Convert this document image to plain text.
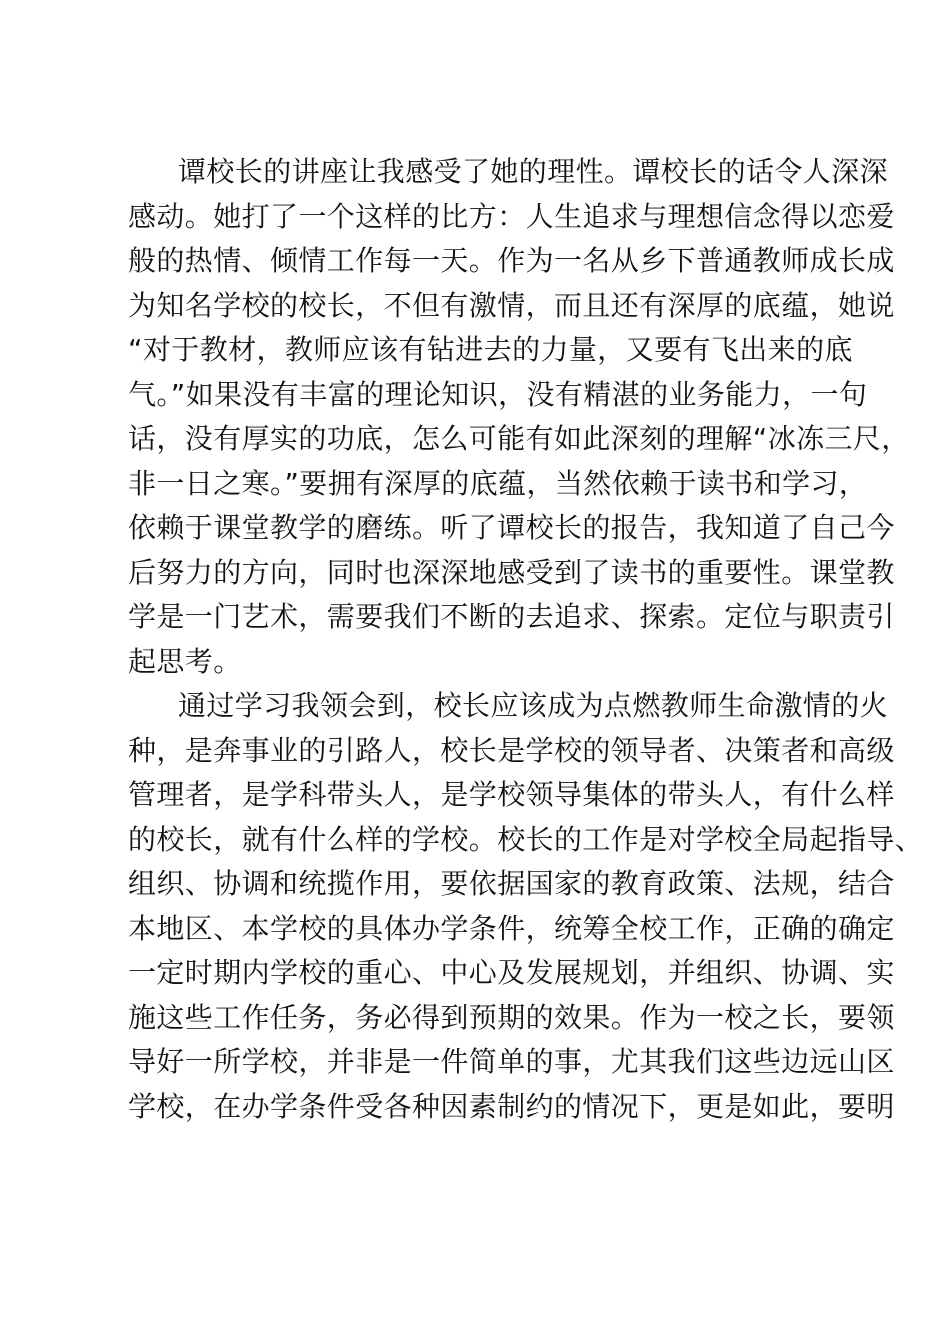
谭校长的讲座让我感受了她的理性。谭校长的话令人深深
感动。她打了一个这样的比方：人生追求与理想信念得以恋爱
般的热情、倾情工作每一天。作为一名从乡下普通教师成长成
为知名学校的校长，不但有激情，而且还有深厚的底蕴，她说
“对于教材，教师应该有钻进去的力量，又要有飞出来的底
气。”如果没有丰富的理论知识，没有精湛的业务能力，一句
话，没有厚实的功底，怎么可能有如此深刻的理解“冰冻三尺，
非一日之寒。”要拥有深厚的底蕴，当然依赖于读书和学习，
依赖于课堂教学的磨练。听了谭校长的报告，我知道了自己今
后努力的方向，同时也深深地感受到了读书的重要性。课堂教
学是一门艺术，需要我们不断的去追求、探索。定位与职责引
起思考。
通过学习我领会到，校长应该成为点燃教师生命激情的火
种，是奔事业的引路人，校长是学校的领导者、决策者和高级
管理者，是学科带头人，是学校领导集体的带头人，有什么样
的校长，就有什么样的学校。校长的工作是对学校全局起指导、
组织、协调和统揽作用，要依据国家的教育政策、法规，结合
本地区、本学校的具体办学条件，统筹全校工作，正确的确定
一定时期内学校的重心、中心及发展规划，并组织、协调、实
施这些工作任务，务必得到预期的效果。作为一校之长，要领
导好一所学校，并非是一件简单的事，尤其我们这些边远山区
学校，在办学条件受各种因素制约的情况下，更是如此，要明
